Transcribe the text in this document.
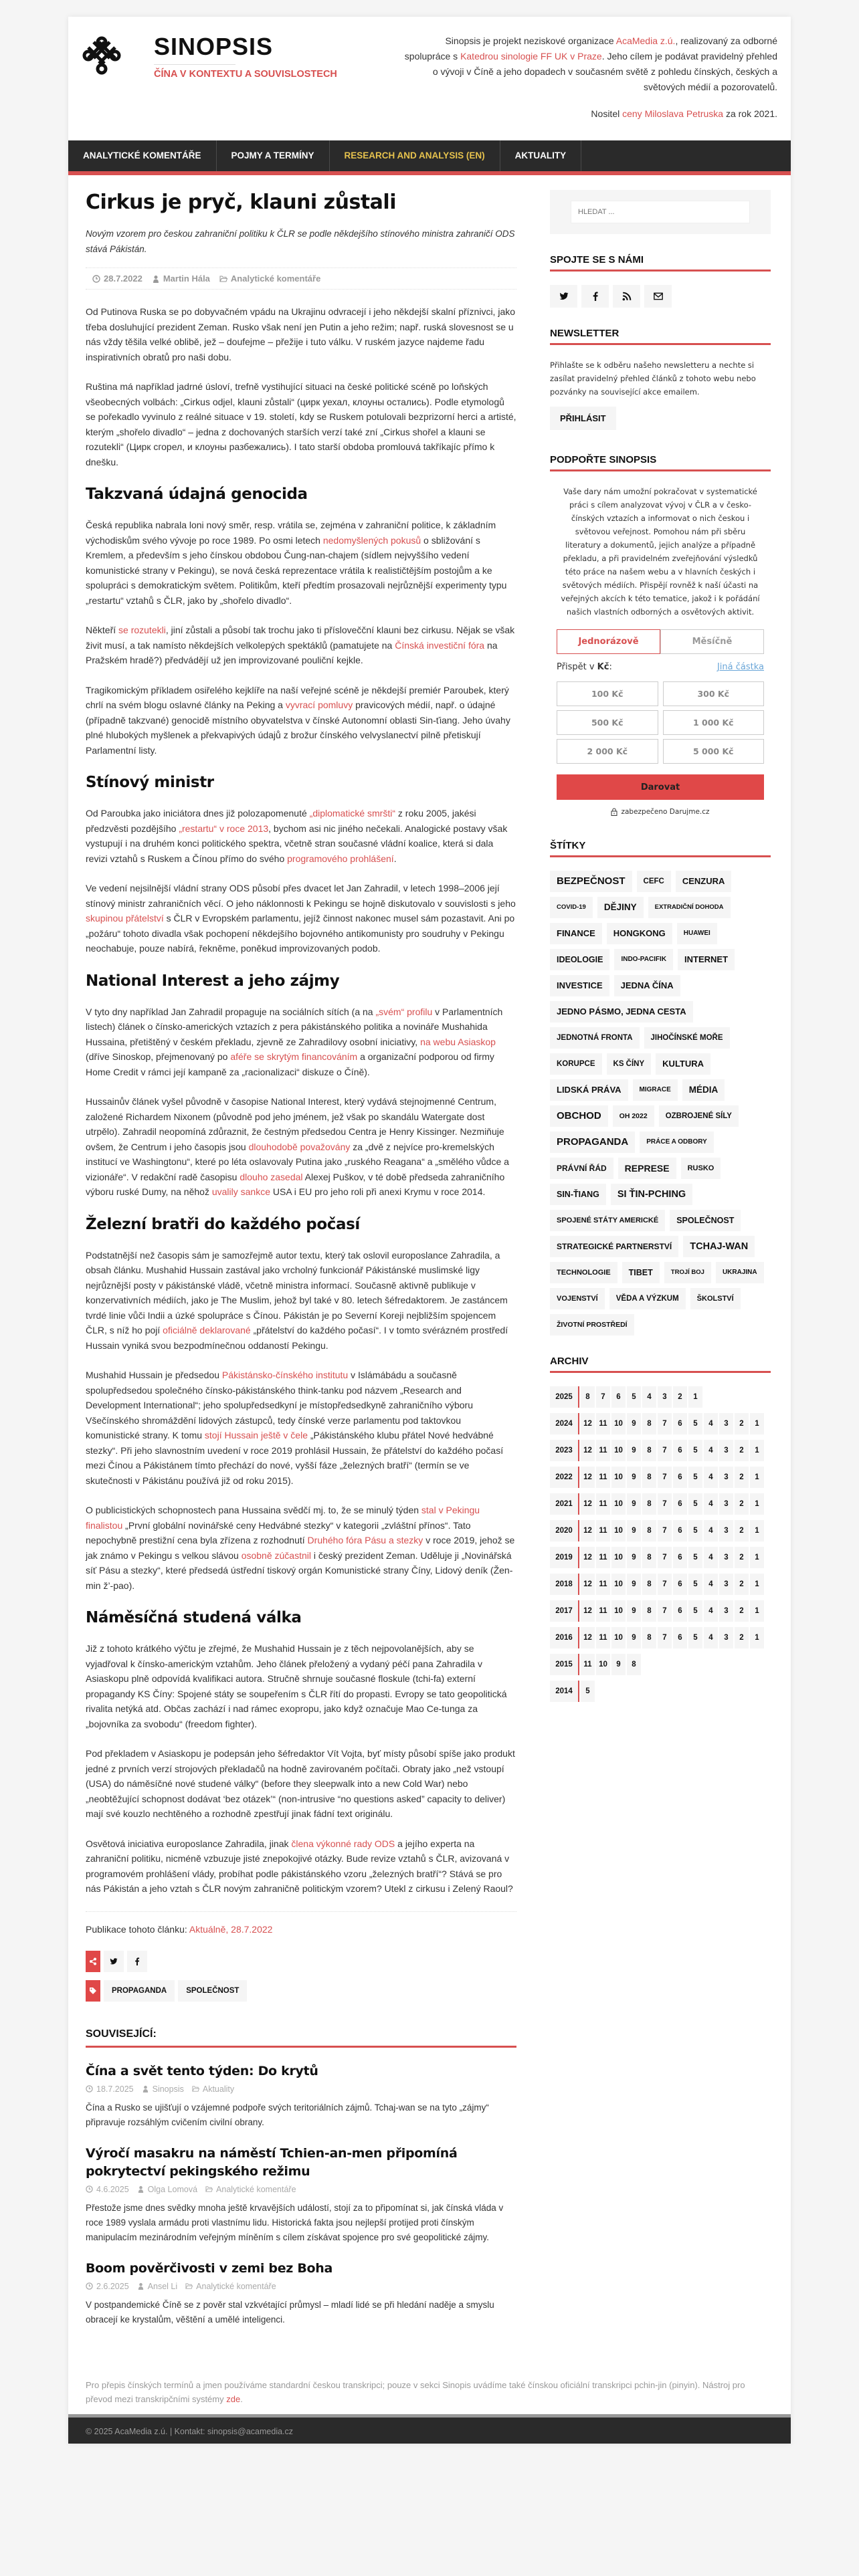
SINOPSIS
ČÍNA V KONTEXTU A SOUVISLOSTECH
Sinopsis je projekt neziskové organizace AcaMedia z.ú., realizovaný za odborné spolupráce s Katedrou sinologie FF UK v Praze. Jeho cílem je podávat pravidelný přehled o vývoji v Číně a jeho dopadech v současném světě z pohledu čínských, českých a světových médií a pozorovatelů.
Nositel ceny Miloslava Petruska za rok 2021.
ANALYTICKÉ KOMENTÁŘE	POJMY A TERMÍNY	RESEARCH AND ANALYSIS (EN)	AKTUALITY
Cirkus je pryč, klauni zůstali
Novým vzorem pro českou zahraniční politiku k ČLR se podle někdejšího stínového ministra zahraničí ODS stává Pákistán.
28.7.2022 Martin Hála Analytické komentáře

Od Putinova Ruska se po dobyvačném vpádu na Ukrajinu odvracejí i jeho někdejší skalní příznivci, jako třeba dosluhující prezident Zeman. Rusko však není jen Putin a jeho režim; např. ruská slovesnost se u nás vždy těšila velké oblibě, jež – doufejme – přežije i tuto válku. V ruském jazyce najdeme řadu inspirativních obratů pro naši dobu.

Ruština má například jadrné úsloví, trefně vystihující situaci na české politické scéně po loňských všeobecných volbách: „Cirkus odjel, klauni zůstali“ (цирк уехал, клоуны остались). Podle etymologů se pořekadlo vyvinulo z reálné situace v 19. století, kdy se Ruskem potulovali bezprizorní herci a artisté, kterým „shořelo divadlo“ – jedna z dochovaných starších verzí také zní „Cirkus shořel a klauni se rozutekli“ (Цирк сгорел, и клоуны разбежались). I tato starší obdoba promlouvá takříkajíc přímo k dnešku.

Takzvaná údajná genocida

Česká republika nabrala loni nový směr, resp. vrátila se, zejména v zahraniční politice, k základním východiskům svého vývoje po roce 1989. Po osmi letech nedomyšlených pokusů o sbližování s Kremlem, a především s jeho čínskou obdobou Čung-nan-chajem (sídlem nejvyššího vedení komunistické strany v Pekingu), se nová česká reprezentace vrátila k realističtějším postojům a ke spolupráci s demokratickým světem. Politikům, kteří předtím prosazovali nejrůznější experimenty typu „restartu“ vztahů s ČLR, jako by „shořelo divadlo“.

Někteří se rozutekli, jiní zůstali a působí tak trochu jako ti příslovečční klauni bez cirkusu. Nějak se však živit musí, a tak namísto někdejších velkolepých spektáklů (pamatujete na Čínská investiční fóra na Pražském hradě?) předvádějí už jen improvizované pouliční kejkle.

Tragikomickým příkladem osiřelého kejklíře na naší veřejné scéně je někdejší premiér Paroubek, který chrlí na svém blogu oslavné články na Peking a vyvrací pomluvy pravicových médií, např. o údajné (případně takzvané) genocidě místního obyvatelstva v čínské Autonomní oblasti Sin-ťiang. Jeho úvahy plné hlubokých myšlenek a překvapivých údajů z brožur čínského velvyslanectví pilně přetiskují Parlamentní listy.

Stínový ministr

Od Paroubka jako iniciátora dnes již polozapomenuté „diplomatické smršti“ z roku 2005, jakési předzvěsti pozdějšího „restartu“ v roce 2013, bychom asi nic jiného nečekali. Analogické postavy však vystupují i na druhém konci politického spektra, včetně stran současné vládní koalice, která si dala revizi vztahů s Ruskem a Čínou přímo do svého programového prohlášení.

Ve vedení nejsilnější vládní strany ODS působí přes dvacet let Jan Zahradil, v letech 1998–2006 její stínový ministr zahraničních věcí. O jeho náklonnosti k Pekingu se hojně diskutovalo v souvislosti s jeho skupinou přátelství s ČLR v Evropském parlamentu, jejíž činnost nakonec musel sám pozastavit. Ani po „požáru“ tohoto divadla však pochopení někdejšího bojovného antikomunisty pro soudruhy v Pekingu neochabuje, pouze nabírá, řekněme, poněkud improvizovaných podob.

National Interest a jeho zájmy

V tyto dny například Jan Zahradil propaguje na sociálních sítích (a na „svém“ profilu v Parlamentních listech) článek o čínsko-amerických vztazích z pera pákistánského politika a novináře Mushahida Hussaina, přetištěný v českém překladu, zjevně ze Zahradilovy osobní iniciativy, na webu Asiaskop (dříve Sinoskop, přejmenovaný po aféře se skrytým financováním a organizační podporou od firmy Home Credit v rámci její kampaně za „racionalizaci“ diskuze o Číně).

Hussainův článek vyšel původně v časopise National Interest, který vydává stejnojmenné Centrum, založené Richardem Nixonem (původně pod jeho jménem, jež však po skandálu Watergate dost utrpělo). Zahradil neopomíná zdůraznit, že čestným předsedou Centra je Henry Kissinger. Nezmiňuje ovšem, že Centrum i jeho časopis jsou dlouhodobě považovány za „dvě z nejvíce pro-kremelských institucí ve Washingtonu“, které po léta oslavovaly Putina jako „ruského Reagana“ a „smělého vůdce a vizionáře“. V redakční radě časopisu dlouho zasedal Alexej Puškov, v té době předseda zahraničního výboru ruské Dumy, na něhož uvalily sankce USA i EU pro jeho roli při anexi Krymu v roce 2014.

Železní bratři do každého počasí

Podstatnější než časopis sám je samozřejmě autor textu, který tak oslovil europoslance Zahradila, a obsah článku. Mushahid Hussain zastával jako vrcholný funkcionář Pákistánské muslimské ligy nejrůznější posty v pákistánské vládě, včetně ministra informací. Současně aktivně publikuje v konzervativních médiích, jako je The Muslim, jehož byl také v 80. letech šéfredaktorem. Je zastáncem tvrdé linie vůči Indii a úzké spolupráce s Čínou. Pákistán je po Severní Koreji nejbližším spojencem ČLR, s níž ho pojí oficiálně deklarované „přátelství do každého počasí“. I v tomto svérázném prostředí Hussain vyniká svou bezpodmínečnou oddaností Pekingu.

Mushahid Hussain je předsedou Pákistánsko-čínského institutu v Islámábádu a současně spolupředsedou společného čínsko-pákistánského think-tanku pod názvem „Research and Development International“; jeho spolupředsedkyní je místopředsedkyně zahraničního výboru Všečínského shromáždění lidových zástupců, tedy čínské verze parlamentu pod taktovkou komunistické strany. K tomu stojí Hussain ještě v čele „Pákistánského klubu přátel Nové hedvábné stezky“. Při jeho slavnostním uvedení v roce 2019 prohlásil Hussain, že přátelství do každého počasí mezi Čínou a Pákistánem tímto přechází do nové, vyšší fáze „železných bratří“ (termín se ve skutečnosti v Pákistánu používá již od roku 2015).

O publicistických schopnostech pana Hussaina svědčí mj. to, že se minulý týden stal v Pekingu finalistou „První globální novinářské ceny Hedvábné stezky“ v kategorii „zvláštní přínos“. Tato nepochybně prestižní cena byla zřízena z rozhodnutí Druhého fóra Pásu a stezky v roce 2019, jehož se jak známo v Pekingu s velkou slávou osobně zúčastnil i český prezident Zeman. Uděluje ji „Novinářská síť Pásu a stezky“, které předsedá ústřední tiskový orgán Komunistické strany Číny, Lidový deník (Žen-min ž’-pao).

Náměsíčná studená válka

Již z tohoto krátkého výčtu je zřejmé, že Mushahid Hussain je z těch nejpovolanějších, aby se vyjadřoval k čínsko-americkým vztahům. Jeho článek přeložený a vydaný péčí pana Zahradila v Asiaskopu plně odpovídá kvalifikaci autora. Stručně shrnuje současné floskule (tchi-fa) externí propagandy KS Číny: Spojené státy se soupeřením s ČLR řítí do propasti. Evropy se tato geopolitická rivalita netýká atd. Občas zachází i nad rámec exopropu, jako když označuje Mao Ce-tunga za „bojovníka za svobodu“ (freedom fighter).

Pod překladem v Asiaskopu je podepsán jeho šéfredaktor Vít Vojta, byť místy působí spíše jako produkt jedné z prvních verzí strojových překladačů na hodně zavirovaném počítači. Obraty jako „než vstoupí (USA) do náměsíčné nové studené války“ (before they sleepwalk into a new Cold War) nebo „neobtěžující schopnost dodávat ‘bez otázek’“ (non-intrusive “no questions asked” capacity to deliver) mají své kouzlo nechtěného a rozhodně zpestřují jinak fádní text originálu.

Osvětová iniciativa europoslance Zahradila, jinak člena výkonné rady ODS a jejího experta na zahraniční politiku, nicméně vzbuzuje jisté znepokojivé otázky. Bude revize vztahů s ČLR, avizovaná v programovém prohlášení vlády, probíhat podle pákistánského vzoru „železných bratří“? Stává se pro nás Pákistán a jeho vztah s ČLR novým zahraničně politickým vzorem? Utekl z cirkusu i Zelený Raoul?

Publikace tohoto článku: Aktuálně, 28.7.2022
PROPAGANDA	SPOLEČNOST
SOUVISEJÍCÍ:
Čína a svět tento týden: Do krytů
18.7.2025 Sinopsis Aktuality

Čína a Rusko se ujišťují o vzájemné podpoře svých teritoriálních zájmů. Tchaj-wan se na tyto „zájmy“ připravuje rozsáhlým cvičením civilní obrany.

Výročí masakru na náměstí Tchien-an-men připomíná pokrytectví pekingského režimu
4.6.2025 Olga Lomová Analytické komentáře

Přestože jsme dnes svědky mnoha ještě krvavějších událostí, stojí za to připomínat si, jak čínská vláda v roce 1989 vyslala armádu proti vlastnímu lidu. Historická fakta jsou nejlepší protijed proti čínským manipulacím mezinárodním veřejným míněním s cílem získávat spojence pro své geopolitické zájmy.

Boom pověrčivosti v zemi bez Boha
2.6.2025 Ansel Li Analytické komentáře

V postpandemické Číně se z pověr stal vzkvétající průmysl – mladí lidé se při hledání naděje a smyslu obracejí ke krystalům, věštění a umělé inteligenci.

HLEDAT ...
SPOJTE SE S NÁMI
NEWSLETTER
Přihlašte se k odběru našeho newsletteru a nechte si zasílat pravidelný přehled článků z tohoto webu nebo pozvánky na související akce emailem.
PŘIHLÁSIT
PODPOŘTE SINOPSIS
Vaše dary nám umožní pokračovat v systematické práci s cílem analyzovat vývoj v ČLR a v česko-čínských vztazích a informovat o nich českou i světovou veřejnost. Pomohou nám při sběru literatury a dokumentů, jejich analýze a případně překladu, a při pravidelném zveřejňování výsledků této práce na našem webu a v hlavních českých i světových médiích. Přispějí rovněž k naší účasti na veřejných akcích k této tematice, jakož i k pořádání našich vlastních odborných a osvětových aktivit.
Jednorázově	Měsíčně
Přispět v Kč:	Jiná částka
100 Kč	300 Kč
500 Kč	1 000 Kč
2 000 Kč	5 000 Kč
Darovat
zabezpečeno Darujme.cz
ŠTÍTKY
BEZPEČNOST	CEFC	CENZURA
COVID-19	DĚJINY	EXTRADIČNÍ DOHODA
FINANCE	HONGKONG	HUAWEI
IDEOLOGIE	INDO-PACIFIK	INTERNET
INVESTICE	JEDNA ČÍNA
JEDNO PÁSMO, JEDNA CESTA
JEDNOTNÁ FRONTA	JIHOČÍNSKÉ MOŘE
KORUPCE	KS ČÍNY	KULTURA
LIDSKÁ PRÁVA	MIGRACE	MÉDIA
OBCHOD	OH 2022	OZBROJENÉ SÍLY
PROPAGANDA	PRÁCE A ODBORY
PRÁVNÍ ŘÁD	REPRESE	RUSKO
SIN-ŤIANG	SI ŤIN-PCHING
SPOJENÉ STÁTY AMERICKÉ	SPOLEČNOST
STRATEGICKÉ PARTNERSTVÍ	TCHAJ-WAN
TECHNOLOGIE	TIBET	TROJÍ BOJ	UKRAJINA
VOJENSTVÍ	VĚDA A VÝZKUM	ŠKOLSTVÍ
ŽIVOTNÍ PROSTŘEDÍ
ARCHIV
2025	8	7	6	5	4	3	2	1
2024	12 11 10	9	8	7	6	5	4	3	2	1
2023	12 11 10	9	8	7	6	5	4	3	2	1
2022	12 11 10	9	8	7	6	5	4	3	2	1
2021	12 11 10	9	8	7	6	5	4	3	2	1
2020	12 11 10	9	8	7	6	5	4	3	2	1
2019	12 11 10	9	8	7	6	5	4	3	2	1
2018	12 11 10	9	8	7	6	5	4	3	2	1
2017	12 11 10	9	8	7	6	5	4	3	2	1
2016	12 11 10	9	8	7	6	5	4	3	2	1
2015	11 10	9	8
2014	5
Pro přepis čínských termínů a jmen používáme standardní českou transkripci; pouze v sekci Sinopis uvádíme také čínskou oficiální transkripci pchin-jin (pinyin). Nástroj pro převod mezi transkripčními systémy zde.
© 2025 AcaMedia z.ú. | Kontakt: sinopsis@acamedia.cz
